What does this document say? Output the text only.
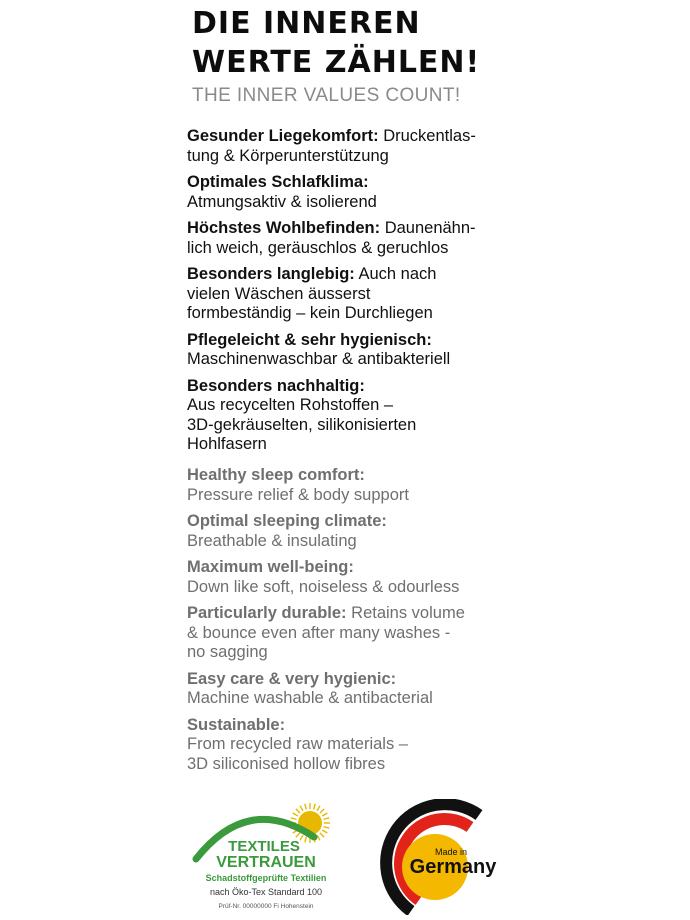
DIE INNEREN
WERTE ZÄHLEN!
THE INNER VALUES COUNT!
Gesunder Liegekomfort: Druckentlas-
tung & Körperunterstützung
Optimales Schlafklima:
Atmungsaktiv & isolierend
Höchstes Wohlbefinden: Daunenähn-
lich weich, geräuschlos & geruchlos
Besonders langlebig: Auch nach
vielen Wäschen äusserst
formbeständig – kein Durchliegen
Pflegeleicht & sehr hygienisch:
Maschinenwaschbar & antibakteriell
Besonders nachhaltig:
Aus recycelten Rohstoffen –
3D-gekräuselten, silikonisierten
Hohlfasern
Healthy sleep comfort:
Pressure relief & body support
Optimal sleeping climate:
Breathable & insulating
Maximum well-being:
Down like soft, noiseless & odourless
Particularly durable: Retains volume
& bounce even after many washes -
no sagging
Easy care & very hygienic:
Machine washable & antibacterial
Sustainable:
From recycled raw materials –
3D siliconised hollow fibres
TEXTILES
VERTRAUEN
Schadstoffgeprüfte Textilien
nach Öko-Tex Standard 100
Prüf-Nr. 00000000 Fi Hohenstein
Made in
Germany
